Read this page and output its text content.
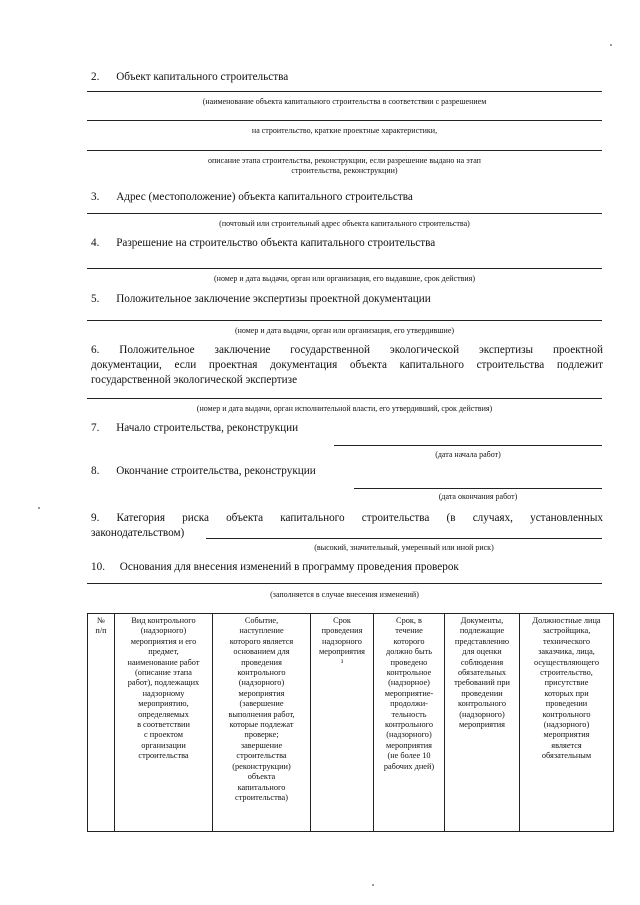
2. Объект капитального строительства
(наименование объекта капитального строительства в соответствии с разрешением
на строительство, краткие проектные характеристики,
описание этапа строительства, реконструкции, если разрешение выдано на этап
строительства, реконструкции)
3. Адрес (местоположение) объекта капитального строительства
(почтовый или строительный адрес объекта капитального строительства)
4. Разрешение на строительство объекта капитального строительства
(номер и дата выдачи, орган или организация, его выдавшие, срок действия)
5. Положительное заключение экспертизы проектной документации
(номер и дата выдачи, орган или организация, его утвердившие)
6. Положительное заключение государственной экологической экспертизы проектной
документации, если проектная документация объекта капитального строительства подлежит
государственной экологической экспертизе
(номер и дата выдачи, орган исполнительной власти, его утвердивший, срок действия)
7. Начало строительства, реконструкции
(дата начала работ)
8. Окончание строительства, реконструкции
(дата окончания работ)
9. Категория риска объекта капитального строительства (в случаях, установленных
законодательством)
(высокий, значительный, умеренный или иной риск)
10. Основания для внесения изменений в программу проведения проверок
(заполняется в случае внесения изменений)
№
п/п

Вид контрольного
(надзорного)
мероприятия и его
предмет,
наименование работ
(описание этапа
работ), подлежащих
надзорному
мероприятию,
определяемых
в соответствии
с проектом
организации
строительства

Событие,
наступление
которого является
основанием для
проведения
контрольного
(надзорного)
мероприятия
(завершение
выполнения работ,
которые подлежат
проверке;
завершение
строительства
(реконструкции)
объекта
капитального
строительства)

Срок
проведения
надзорного
мероприятия
³

Срок, в
течение
которого
должно быть
проведено
контрольное
(надзорное)
мероприятие-
продолжи-
тельность
контрольного
(надзорного)
мероприятия
(не более 10
рабочих дней)

Документы,
подлежащие
представлению
для оценки
соблюдения
обязательных
требований при
проведении
контрольного
(надзорного)
мероприятия

Должностные лица
застройщика,
технического
заказчика, лица,
осуществляющего
строительство,
присутствие
которых при
проведении
контрольного
(надзорного)
мероприятия
является
обязательным
